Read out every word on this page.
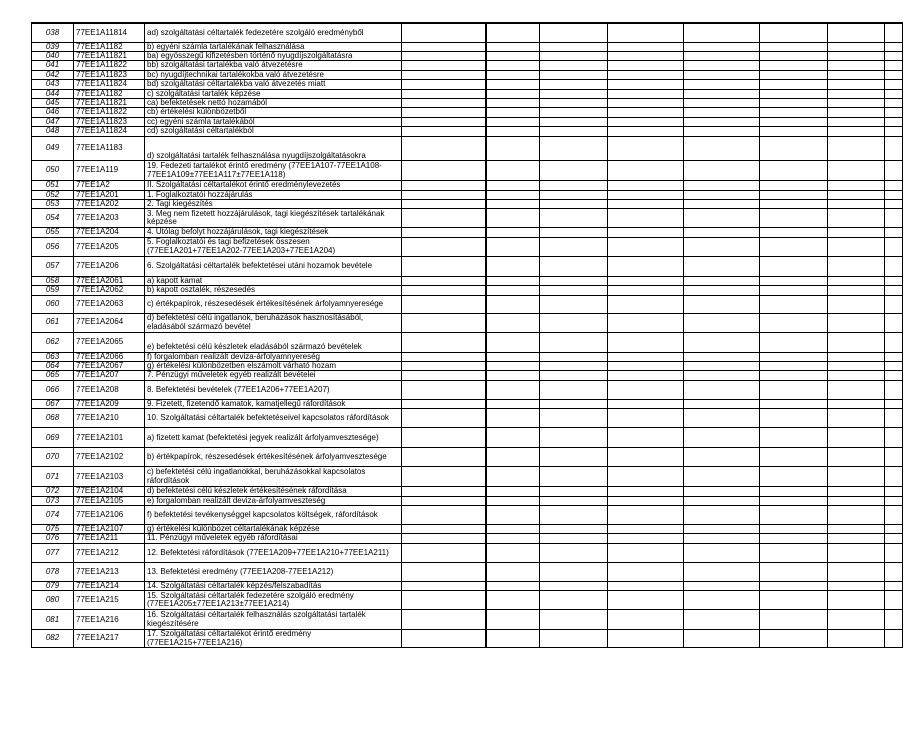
038	77EE1A11814	ad) szolgáltatási céltartalék fedezetére szolgáló eredményből								
039	77EE1A1182	b) egyéni számla tartalékának felhasználása								
040	77EE1A11821	ba) egyösszegű kifizetésben történő nyugdíjszolgáltatásra								
041	77EE1A11822	bb) szolgáltatási tartalékba való átvezetésre								
042	77EE1A11823	bc) nyugdíjtechnikai tartalékokba való átvezetésre								
043	77EE1A11824	bd) szolgáltatási céltartalékba való átvezetés miatt								
044	77EE1A1182	c) szolgáltatási tartalék képzése								
045	77EE1A11821	ca) befektetések nettó hozamából								
046	77EE1A11822	cb) értékelési különbözetből								
047	77EE1A11823	cc) egyéni számla tartalékából								
048	77EE1A11824	cd) szolgáltatási céltartalékból								
049	77EE1A1183	d) szolgáltatási tartalék felhasználása nyugdíjszolgáltatásokra								
050	77EE1A119	19. Fedezeti tartalékot érintő eredmény (77EE1A107-77EE1A108-77EE1A109±77EE1A117±77EE1A118)								
051	77EE1A2	II. Szolgáltatási céltartalékot érintő eredménylevezetés								
052	77EE1A201	1. Foglalkoztatói hozzájárulás								
053	77EE1A202	2. Tagi kiegészítés								
054	77EE1A203	3. Meg nem fizetett hozzájárulások, tagi kiegészítések tartalékának képzése								
055	77EE1A204	4. Utólag befolyt hozzájárulások, tagi kiegészítések								
056	77EE1A205	5. Foglalkoztatói és tagi befizetések összesen (77EE1A201+77EE1A202-77EE1A203+77EE1A204)								
057	77EE1A206	6. Szolgáltatási céltartalék befektetései utáni hozamok bevétele								
058	77EE1A2061	a) kapott kamat								
059	77EE1A2062	b) kapott osztalék, részesedés								
060	77EE1A2063	c) értékpapírok, részesedések értékesítésének árfolyamnyeresége								
061	77EE1A2064	d) befektetési célú ingatlanok, beruházások hasznosításából, eladásából származó bevétel								
062	77EE1A2065	e) befektetési célú készletek eladásából származó bevételek								
063	77EE1A2066	f) forgalomban realizált deviza-árfolyamnyereség								
064	77EE1A2067	g) értékelési különbözetben elszámolt várható hozam								
065	77EE1A207	7. Pénzügyi műveletek egyéb realizált bevételei								
066	77EE1A208	8. Befektetési bevételek (77EE1A206+77EE1A207)								
067	77EE1A209	9. Fizetett, fizetendő kamatok, kamatjellegű ráfordítások								
068	77EE1A210	10. Szolgáltatási céltartalék befektetéseivel kapcsolatos ráfordítások								
069	77EE1A2101	a) fizetett kamat (befektetési jegyek realizált árfolyamvesztesége)								
070	77EE1A2102	b) értékpapírok, részesedések értékesítésének árfolyamvesztesége								
071	77EE1A2103	c) befektetési célú ingatlanokkal, beruházásokkal kapcsolatos ráfordítások								
072	77EE1A2104	d) befektetési célú készletek értékesítésének ráfordítása								
073	77EE1A2105	e) forgalomban realizált deviza-árfolyamveszteség								
074	77EE1A2106	f) befektetési tevékenységgel kapcsolatos költségek, ráfordítások								
075	77EE1A2107	g) értékelési különbözet céltartalékának képzése								
076	77EE1A211	11. Pénzügyi műveletek egyéb ráfordításai								
077	77EE1A212	12. Befektetési ráfordítások (77EE1A209+77EE1A210+77EE1A211)								
078	77EE1A213	13. Befektetési eredmény (77EE1A208-77EE1A212)								
079	77EE1A214	14. Szolgáltatási céltartalék képzés/felszabadítás								
080	77EE1A215	15. Szolgáltatási céltartalék fedezetére szolgáló eredmény (77EE1A205±77EE1A213±77EE1A214)								
081	77EE1A216	16. Szolgáltatási céltartalék felhasználás szolgáltatási tartalék kiegészítésére								
082	77EE1A217	17. Szolgáltatási céltartalékot érintő eredmény (77EE1A215+77EE1A216)								
